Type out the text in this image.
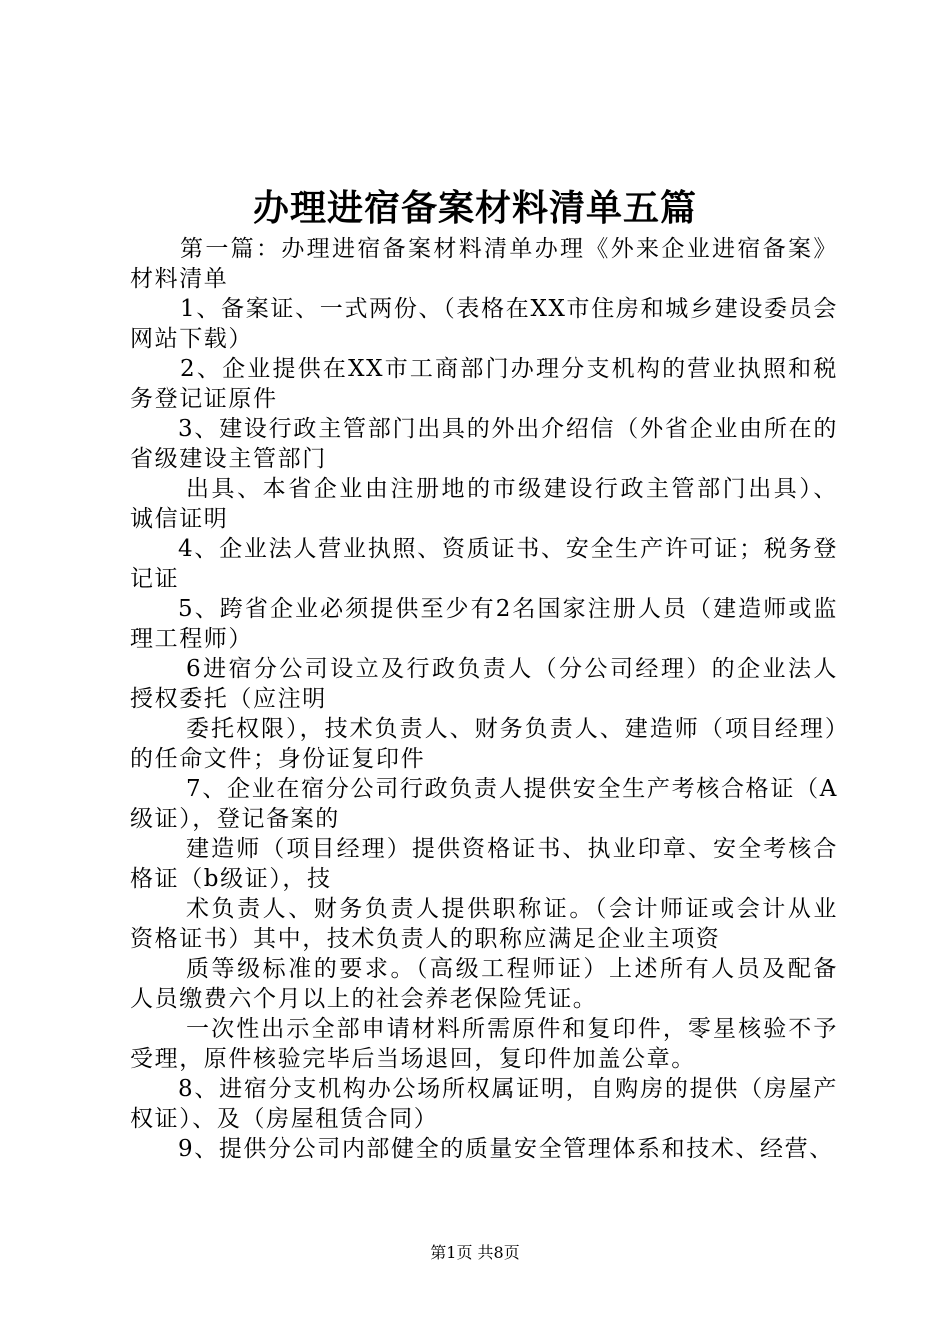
办理进宿备案材料清单五篇

第一篇：办理进宿备案材料清单办理《外来企业进宿备案》材料清单

1、备案证、一式两份、（表格在XX市住房和城乡建设委员会网站下载）

2、企业提供在XX市工商部门办理分支机构的营业执照和税务登记证原件

3、建设行政主管部门出具的外出介绍信（外省企业由所在的省级建设主管部门

出具、本省企业由注册地的市级建设行政主管部门出具）、诚信证明

4、企业法人营业执照、资质证书、安全生产许可证；税务登记证

5、跨省企业必须提供至少有2名国家注册人员（建造师或监理工程师）

6进宿分公司设立及行政负责人（分公司经理）的企业法人授权委托（应注明

委托权限），技术负责人、财务负责人、建造师（项目经理）的任命文件；身份证复印件

7、企业在宿分公司行政负责人提供安全生产考核合格证（A级证），登记备案的

建造师（项目经理）提供资格证书、执业印章、安全考核合格证（b级证），技

术负责人、财务负责人提供职称证。（会计师证或会计从业资格证书）其中，技术负责人的职称应满足企业主项资

质等级标准的要求。（高级工程师证）上述所有人员及配备人员缴费六个月以上的社会养老保险凭证。

一次性出示全部申请材料所需原件和复印件，零星核验不予受理，原件核验完毕后当场退回，复印件加盖公章。

8、进宿分支机构办公场所权属证明，自购房的提供（房屋产权证）、及（房屋租赁合同）

9、提供分公司内部健全的质量安全管理体系和技术、经营、

第1页 共8页
